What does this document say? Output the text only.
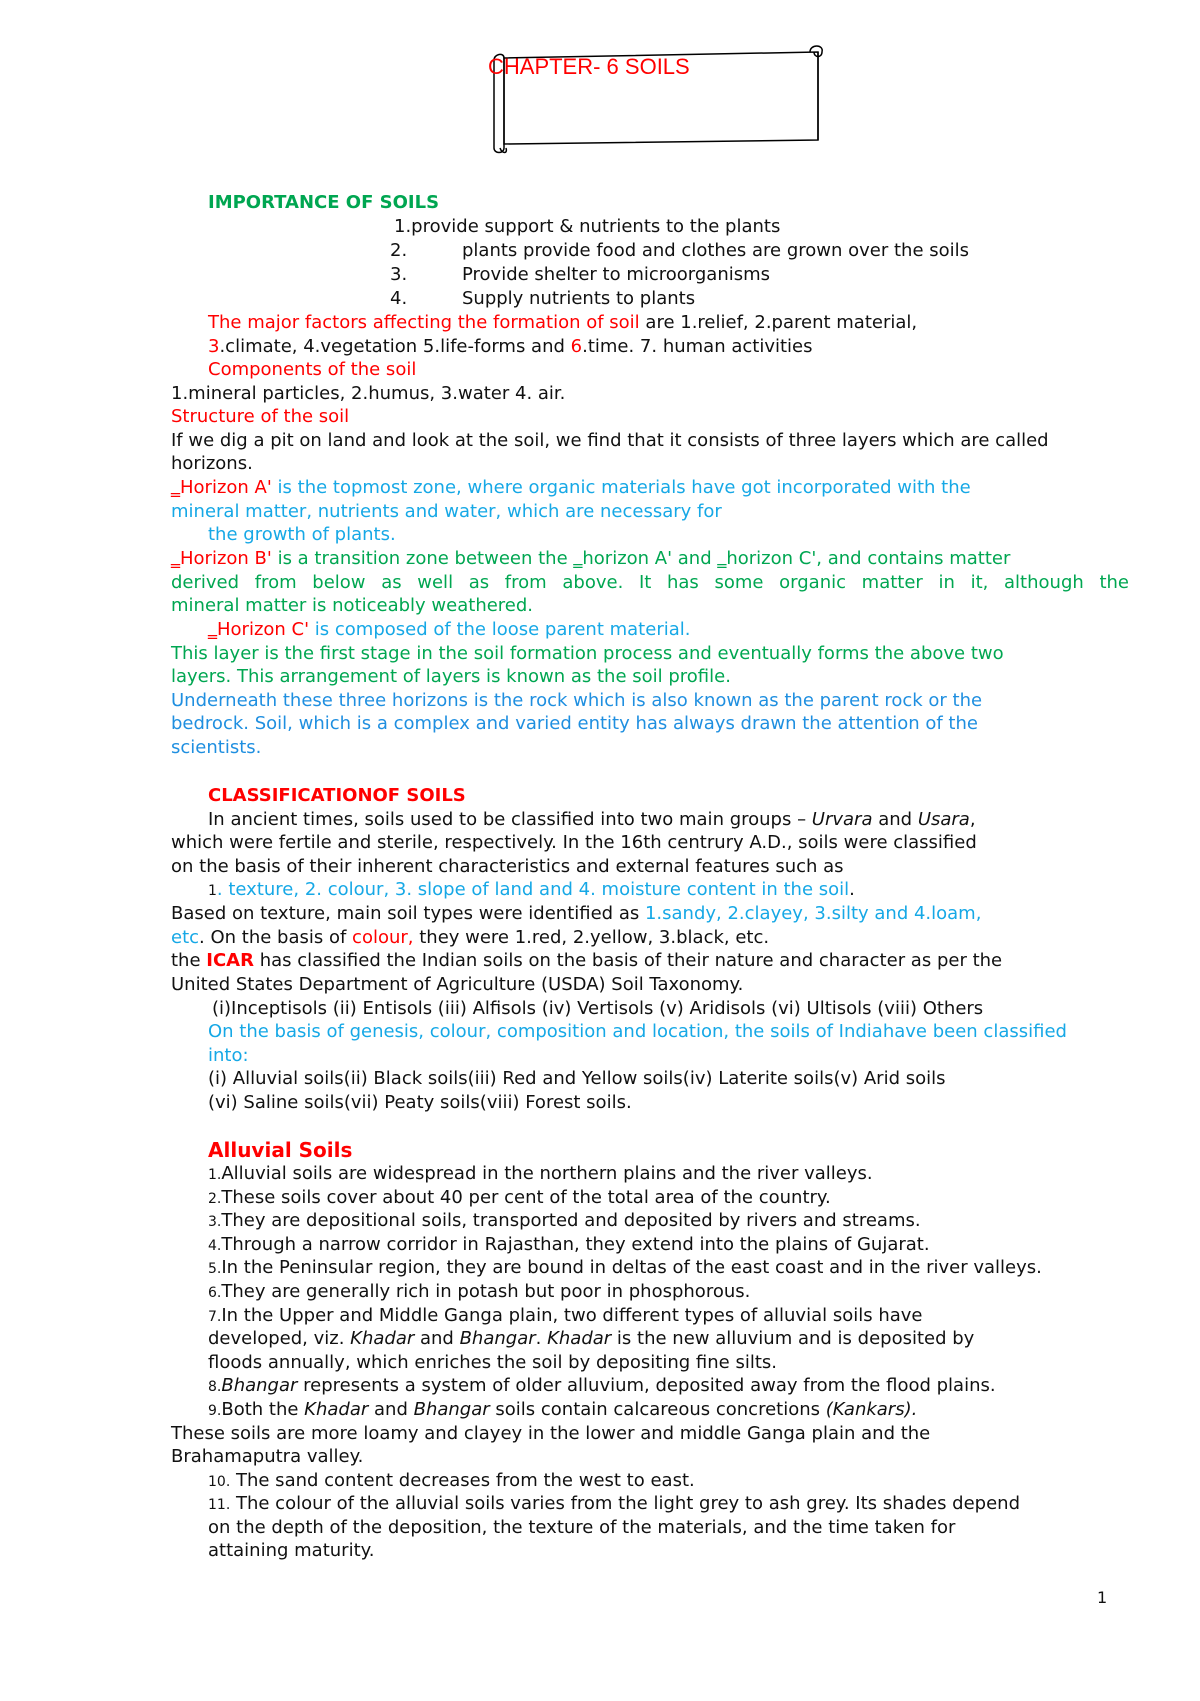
CHAPTER- 6 SOILS

IMPORTANCE OF SOILS

1.provide support & nutrients to the plants

2.	plants provide food and clothes are grown over the soils

3.	Provide shelter to microorganisms

4.	Supply nutrients to plants

The major factors affecting the formation of soil are 1.relief, 2.parent material,

3.climate, 4.vegetation 5.life-forms and 6.time. 7. human activities

Components of the soil

1.mineral particles, 2.humus, 3.water 4. air.

Structure of the soil

If we dig a pit on land and look at the soil, we find that it consists of three layers which are called

horizons.

‗Horizon A' is the topmost zone, where organic materials have got incorporated with the

mineral matter, nutrients and water, which are necessary for

the growth of plants.

‗Horizon B' is a transition zone between the ‗horizon A' and ‗horizon C', and contains matter

derived from below as well as from above. It has some organic matter in it, although the

mineral matter is noticeably weathered.

‗Horizon C' is composed of the loose parent material.

This layer is the first stage in the soil formation process and eventually forms the above two

layers. This arrangement of layers is known as the soil profile.

Underneath these three horizons is the rock which is also known as the parent rock or the

bedrock. Soil, which is a complex and varied entity has always drawn the attention of the

scientists.

CLASSIFICATIONOF SOILS

In ancient times, soils used to be classified into two main groups – Urvara and Usara,

which were fertile and sterile, respectively. In the 16th centrury A.D., soils were classified

on the basis of their inherent characteristics and external features such as

1. texture, 2. colour, 3. slope of land and 4. moisture content in the soil.

Based on texture, main soil types were identified as 1.sandy, 2.clayey, 3.silty and 4.loam,

etc. On the basis of colour, they were 1.red, 2.yellow, 3.black, etc.

the ICAR has classified the Indian soils on the basis of their nature and character as per the

United States Department of Agriculture (USDA) Soil Taxonomy.

(i)Inceptisols (ii) Entisols (iii) Alfisols (iv) Vertisols (v) Aridisols (vi) Ultisols (viii) Others

On the basis of genesis, colour, composition and location, the soils of Indiahave been classified

into:

(i) Alluvial soils(ii) Black soils(iii) Red and Yellow soils(iv) Laterite soils(v) Arid soils

(vi) Saline soils(vii) Peaty soils(viii) Forest soils.

Alluvial Soils

1.Alluvial soils are widespread in the northern plains and the river valleys.

2.These soils cover about 40 per cent of the total area of the country.

3.They are depositional soils, transported and deposited by rivers and streams.

4.Through a narrow corridor in Rajasthan, they extend into the plains of Gujarat.

5.In the Peninsular region, they are bound in deltas of the east coast and in the river valleys.

6.They are generally rich in potash but poor in phosphorous.

7.In the Upper and Middle Ganga plain, two different types of alluvial soils have

developed, viz. Khadar and Bhangar. Khadar is the new alluvium and is deposited by

floods annually, which enriches the soil by depositing fine silts.

8.Bhangar represents a system of older alluvium, deposited away from the flood plains.

9.Both the Khadar and Bhangar soils contain calcareous concretions (Kankars).

These soils are more loamy and clayey in the lower and middle Ganga plain and the

Brahamaputra valley.

10. The sand content decreases from the west to east.

11. The colour of the alluvial soils varies from the light grey to ash grey. Its shades depend

on the depth of the deposition, the texture of the materials, and the time taken for

attaining maturity.

1
